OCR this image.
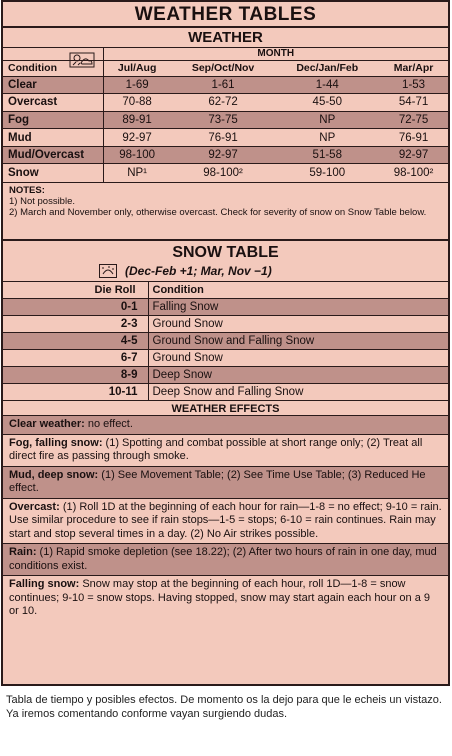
WEATHER TABLES
WEATHER
	MONTH			
Condition	Jul/Aug	Sep/Oct/Nov	Dec/Jan/Feb	Mar/Apr
Clear	1-69	1-61	1-44	1-53
Overcast	70-88	62-72	45-50	54-71
Fog	89-91	73-75	NP	72-75
Mud	92-97	76-91	NP	76-91
Mud/Overcast	98-100	92-97	51-58	92-97
Snow	NP¹	98-100²	59-100	98-100²
NOTES:
1) Not possible.
2) March and November only, otherwise overcast. Check for severity of snow on Snow Table below.
SNOW TABLE
(Dec-Feb +1; Mar, Nov −1)
Die Roll	Condition
0-1	Falling Snow
2-3	Ground Snow
4-5	Ground Snow and Falling Snow
6-7	Ground Snow
8-9	Deep Snow
10-11	Deep Snow and Falling Snow
WEATHER EFFECTS
Clear weather: no effect.
Fog, falling snow: (1) Spotting and combat possible at short range only; (2) Treat all direct fire as passing through smoke.
Mud, deep snow: (1) See Movement Table; (2) See Time Use Table; (3) Reduced He effect.
Overcast: (1) Roll 1D at the beginning of each hour for rain—1-8 = no effect; 9-10 = rain. Use similar procedure to see if rain stops—1-5 = stops; 6-10 = rain continues. Rain may start and stop several times in a day. (2) No Air strikes possible.
Rain: (1) Rapid smoke depletion (see 18.22); (2) After two hours of rain in one day, mud conditions exist.
Falling snow: Snow may stop at the beginning of each hour, roll 1D—1-8 = snow continues; 9-10 = snow stops. Having stopped, snow may start again each hour on a 9 or 10.
Tabla de tiempo y posibles efectos. De momento os la dejo para que le echeis un vistazo. Ya iremos comentando conforme vayan surgiendo dudas.
